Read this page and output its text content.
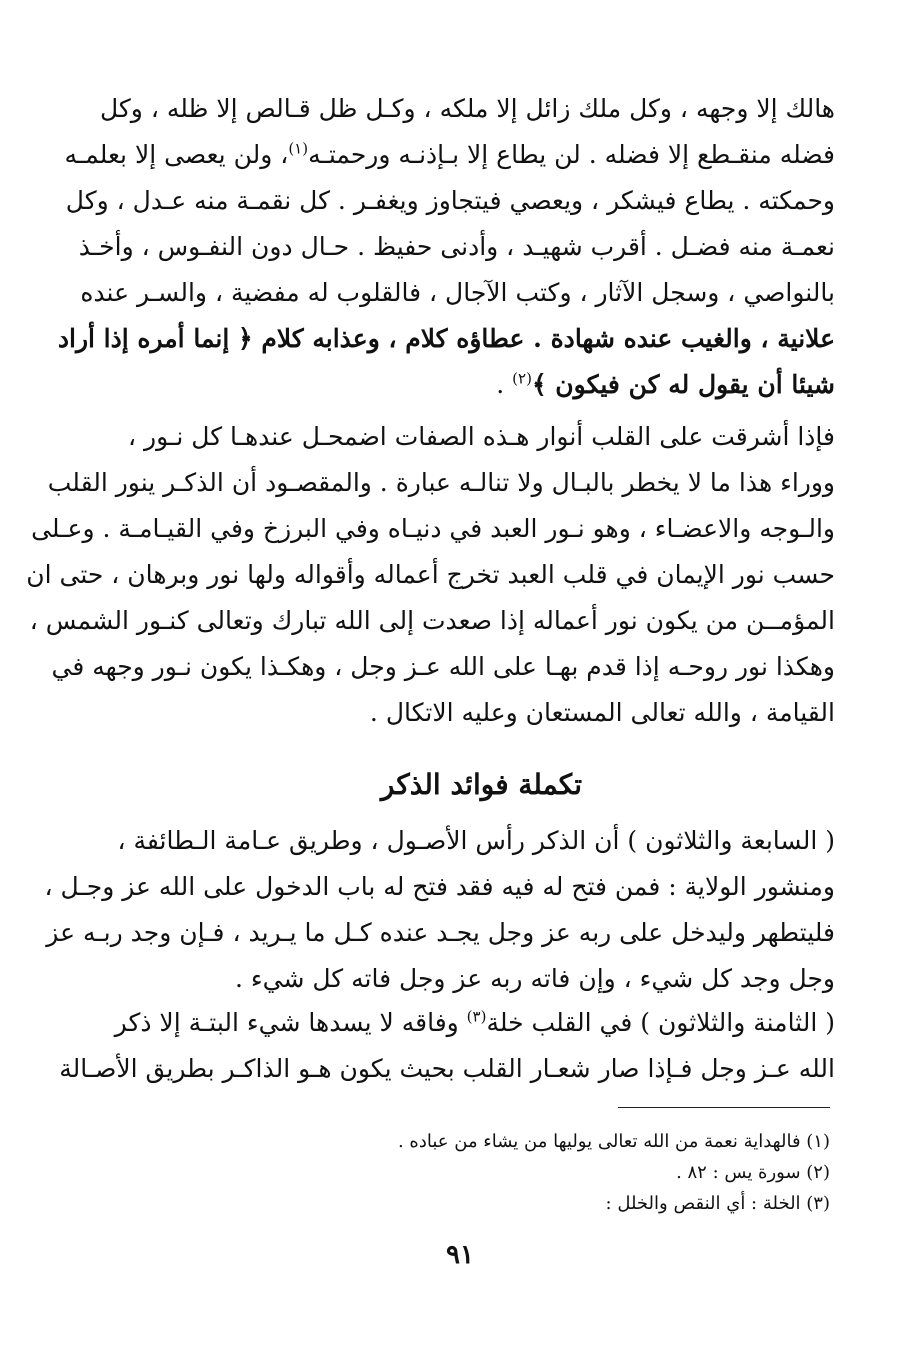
هالك إلا وجهه ، وكل ملك زائل إلا ملكه ، وكـل ظل قـالص إلا ظله ، وكل
فضله منقـطع إلا فضله . لن يطاع إلا بـإذنـه ورحمتـه$^{(١)}$، ولن يعصى إلا بعلمـه
وحمكته . يطاع فيشكر ، ويعصي فيتجاوز ويغفـر . كل نقمـة منه عـدل ، وكل
نعمـة منه فضـل . أقرب شهيـد ، وأدنى حفيظ . حـال دون النفـوس ، وأخـذ
بالنواصي ، وسجل الآثار ، وكتب الآجال ، فالقلوب له مفضية ، والسـر عنده
علانية ، والغيب عنده شهادة . عطاؤه كلام ، وعذابه كلام ﴿ إنما أمره إذا أراد
شيئا أن يقول له كن فيكون ﴾$^{(٢)}$ .
فإذا أشرقت على القلب أنوار هـذه الصفات اضمحـل عندهـا كل نـور ،
ووراء هذا ما لا يخطر بالبـال ولا تنالـه عبارة . والمقصـود أن الذكـر ينور القلب
والـوجه والاعضـاء ، وهو نـور العبد في دنيـاه وفي البرزخ وفي القيـامـة . وعـلى
حسب نور الإيمان في قلب العبد تخرج أعماله وأقواله ولها نور وبرهان ، حتى ان
المؤمــن من يكون نور أعماله إذا صعدت إلى الله تبارك وتعالى كنـور الشمس ،
وهكذا نور روحـه إذا قدم بهـا على الله عـز وجل ، وهكـذا يكون نـور وجهه في
القيامة ، والله تعالى المستعان وعليه الاتكال .
تكملة فوائد الذكر
( السابعة والثلاثون ) أن الذكر رأس الأصـول ، وطريق عـامة الـطائفة ،
ومنشور الولاية : فمن فتح له فيه فقد فتح له باب الدخول على الله عز وجـل ،
فليتطهر وليدخل على ربه عز وجل يجـد عنده كـل ما يـريد ، فـإن وجد ربـه عز
وجل وجد كل شيء ، وإن فاته ربه عز وجل فاته كل شيء .
( الثامنة والثلاثون ) في القلب خلة$^{(٣)}$ وفاقه لا يسدها شيء البتـة إلا ذكر
الله عـز وجل فـإذا صار شعـار القلب بحيث يكون هـو الذاكـر بطريق الأصـالة
(١) فالهداية نعمة من الله تعالى يوليها من يشاء من عباده .
(٢) سورة يس : ٨٢ .
(٣) الخلة : أي النقص والخلل :
٩١
